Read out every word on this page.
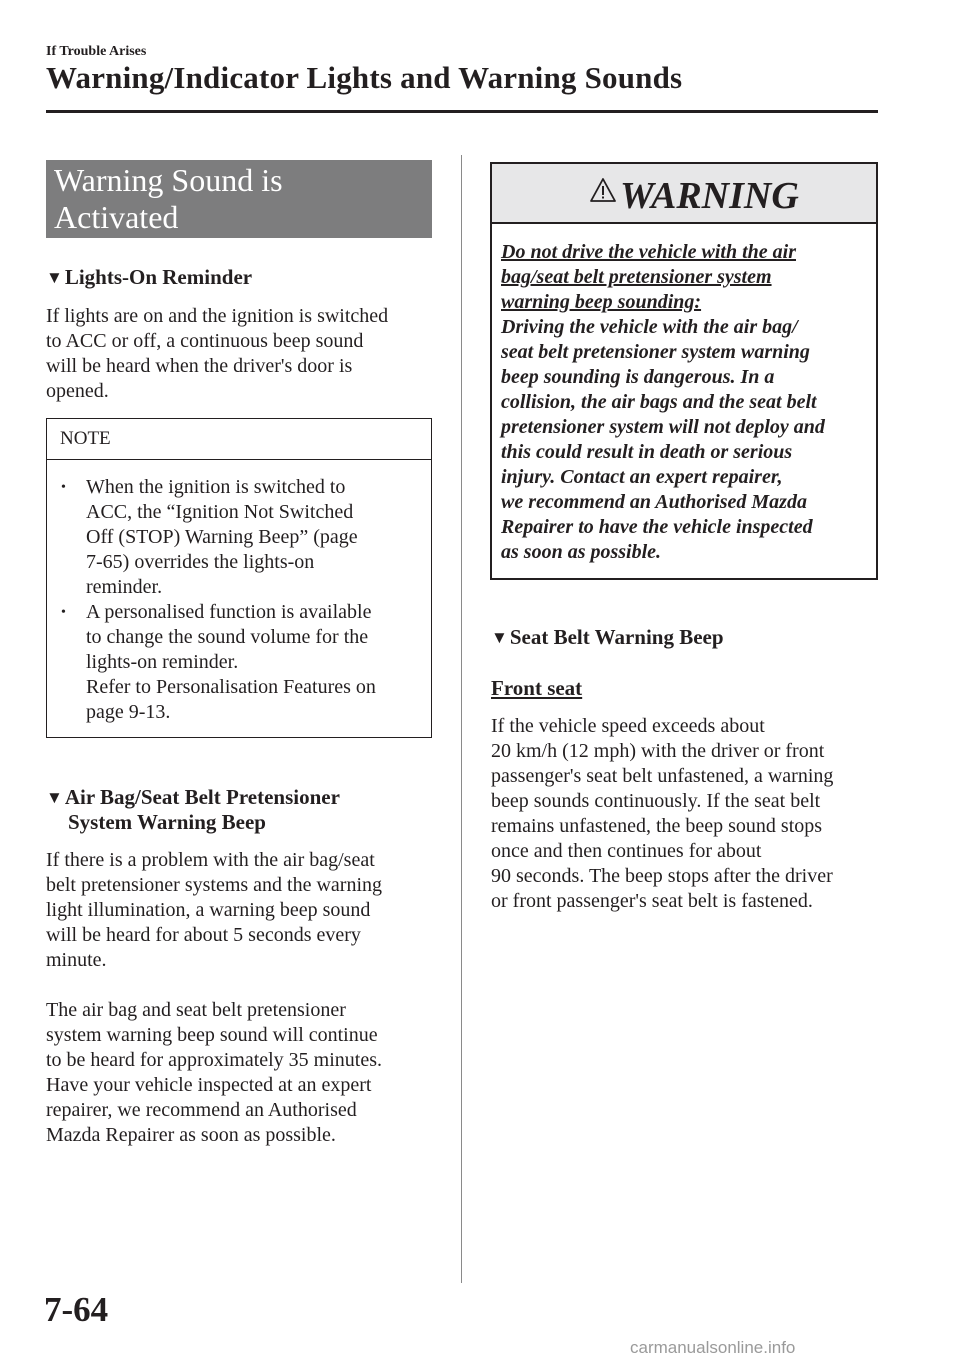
If Trouble Arises
Warning/Indicator Lights and Warning Sounds
Warning Sound is
Activated
▼Lights-On Reminder
If lights are on and the ignition is switched
to ACC or off, a continuous beep sound
will be heard when the driver's door is
opened.
NOTE
• When the ignition is switched to
ACC, the “Ignition Not Switched
Off (STOP) Warning Beep” (page
7-65) overrides the lights-on
reminder.
• A personalised function is available
to change the sound volume for the
lights-on reminder.
Refer to Personalisation Features on
page 9-13.
▼Air Bag/Seat Belt Pretensioner
System Warning Beep
If there is a problem with the air bag/seat
belt pretensioner systems and the warning
light illumination, a warning beep sound
will be heard for about 5 seconds every
minute.
The air bag and seat belt pretensioner
system warning beep sound will continue
to be heard for approximately 35 minutes.
Have your vehicle inspected at an expert
repairer, we recommend an Authorised
Mazda Repairer as soon as possible.
WARNING
Do not drive the vehicle with the air
bag/seat belt pretensioner system
warning beep sounding:
Driving the vehicle with the air bag/
seat belt pretensioner system warning
beep sounding is dangerous. In a
collision, the air bags and the seat belt
pretensioner system will not deploy and
this could result in death or serious
injury. Contact an expert repairer,
we recommend an Authorised Mazda
Repairer to have the vehicle inspected
as soon as possible.
▼Seat Belt Warning Beep
Front seat
If the vehicle speed exceeds about
20 km/h (12 mph) with the driver or front
passenger's seat belt unfastened, a warning
beep sounds continuously. If the seat belt
remains unfastened, the beep sound stops
once and then continues for about
90 seconds. The beep stops after the driver
or front passenger's seat belt is fastened.
7-64
carmanualsonline.info
